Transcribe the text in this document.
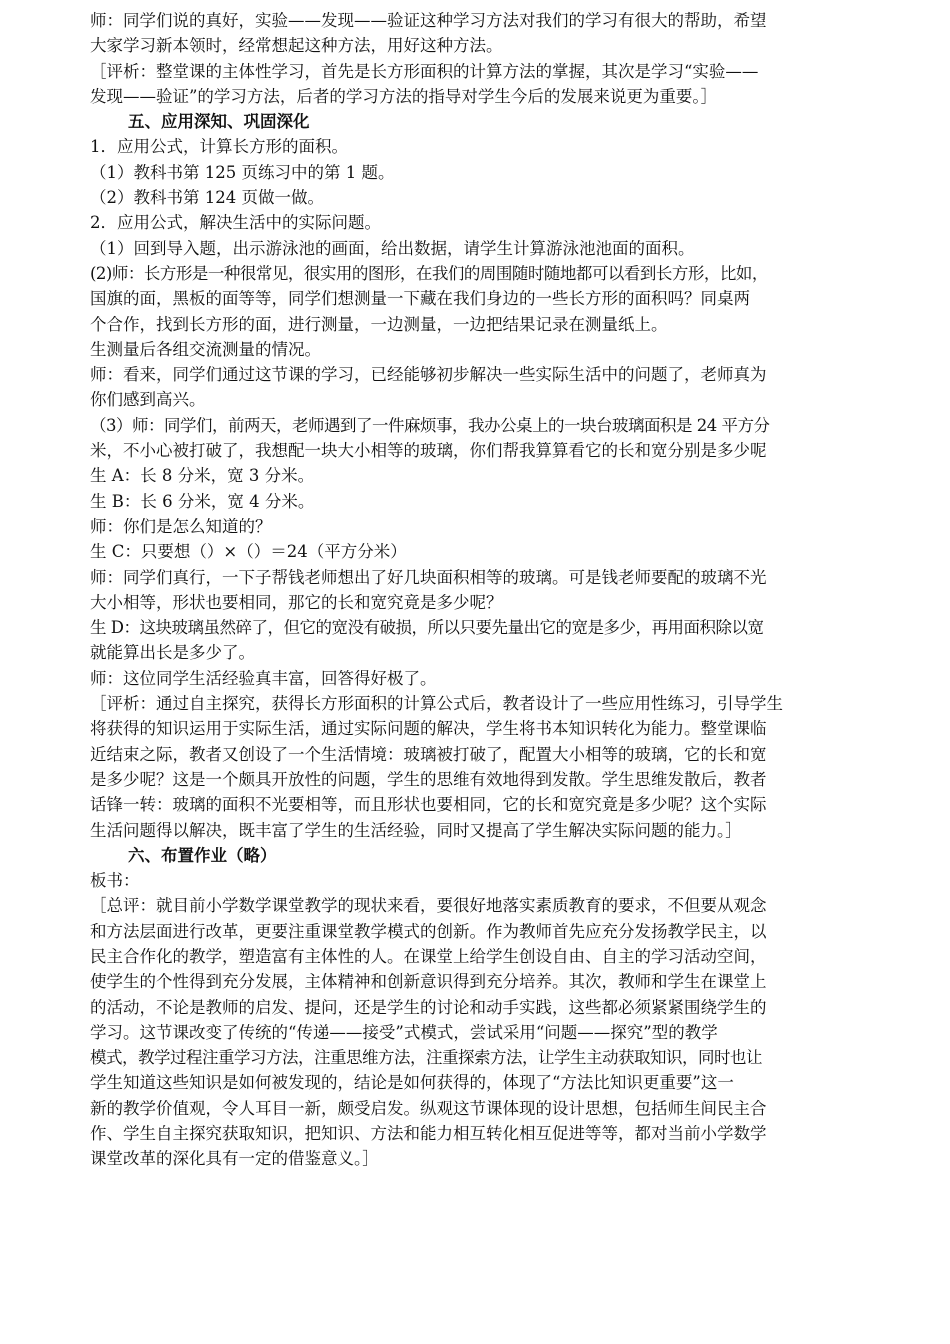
师：同学们说的真好，实验——发现——验证这种学习方法对我们的学习有很大的帮助，希望

大家学习新本领时，经常想起这种方法，用好这种方法。

［评析：整堂课的主体性学习，首先是长方形面积的计算方法的掌握，其次是学习“实验——

发现——验证”的学习方法，后者的学习方法的指导对学生今后的发展来说更为重要。］

五、应用深知、巩固深化

1．应用公式，计算长方形的面积。

（1）教科书第 125 页练习中的第 1 题。

（2）教科书第 124 页做一做。

2．应用公式，解决生活中的实际问题。

（1）回到导入题，出示游泳池的画面，给出数据，请学生计算游泳池池面的面积。

(2)师：长方形是一种很常见，很实用的图形，在我们的周围随时随地都可以看到长方形，比如，

国旗的面，黑板的面等等，同学们想测量一下藏在我们身边的一些长方形的面积吗？同桌两

个合作，找到长方形的面，进行测量，一边测量，一边把结果记录在测量纸上。

生测量后各组交流测量的情况。

师：看来，同学们通过这节课的学习，已经能够初步解决一些实际生活中的问题了，老师真为

你们感到高兴。

（3）师：同学们，前两天，老师遇到了一件麻烦事，我办公桌上的一块台玻璃面积是 24 平方分

米，不小心被打破了，我想配一块大小相等的玻璃，你们帮我算算看它的长和宽分别是多少呢

生 A：长 8 分米，宽 3 分米。

生 B：长 6 分米，宽 4 分米。

师：你们是怎么知道的？

生 C：只要想（）×（）＝24（平方分米）

师：同学们真行，一下子帮钱老师想出了好几块面积相等的玻璃。可是钱老师要配的玻璃不光

大小相等，形状也要相同，那它的长和宽究竟是多少呢？

生 D：这块玻璃虽然碎了，但它的宽没有破损，所以只要先量出它的宽是多少，再用面积除以宽

就能算出长是多少了。

师：这位同学生活经验真丰富，回答得好极了。

［评析：通过自主探究，获得长方形面积的计算公式后，教者设计了一些应用性练习，引导学生

将获得的知识运用于实际生活，通过实际问题的解决，学生将书本知识转化为能力。整堂课临

近结束之际，教者又创设了一个生活情境：玻璃被打破了，配置大小相等的玻璃，它的长和宽

是多少呢？这是一个颇具开放性的问题，学生的思维有效地得到发散。学生思维发散后，教者

话锋一转：玻璃的面积不光要相等，而且形状也要相同，它的长和宽究竟是多少呢？这个实际

生活问题得以解决，既丰富了学生的生活经验，同时又提高了学生解决实际问题的能力。］

六、布置作业（略）

板书：

［总评：就目前小学数学课堂教学的现状来看，要很好地落实素质教育的要求，不但要从观念

和方法层面进行改革，更要注重课堂教学模式的创新。作为教师首先应充分发扬教学民主，以

民主合作化的教学，塑造富有主体性的人。在课堂上给学生创设自由、自主的学习活动空间，

使学生的个性得到充分发展，主体精神和创新意识得到充分培养。其次，教师和学生在课堂上

的活动，不论是教师的启发、提问，还是学生的讨论和动手实践，这些都必须紧紧围绕学生的

学习。这节课改变了传统的“传递——接受”式模式，尝试采用“问题——探究”型的教学

模式，教学过程注重学习方法，注重思维方法，注重探索方法，让学生主动获取知识，同时也让

学生知道这些知识是如何被发现的，结论是如何获得的，体现了“方法比知识更重要”这一

新的教学价值观，令人耳目一新，颇受启发。纵观这节课体现的设计思想，包括师生间民主合

作、学生自主探究获取知识，把知识、方法和能力相互转化相互促进等等，都对当前小学数学

课堂改革的深化具有一定的借鉴意义。］
